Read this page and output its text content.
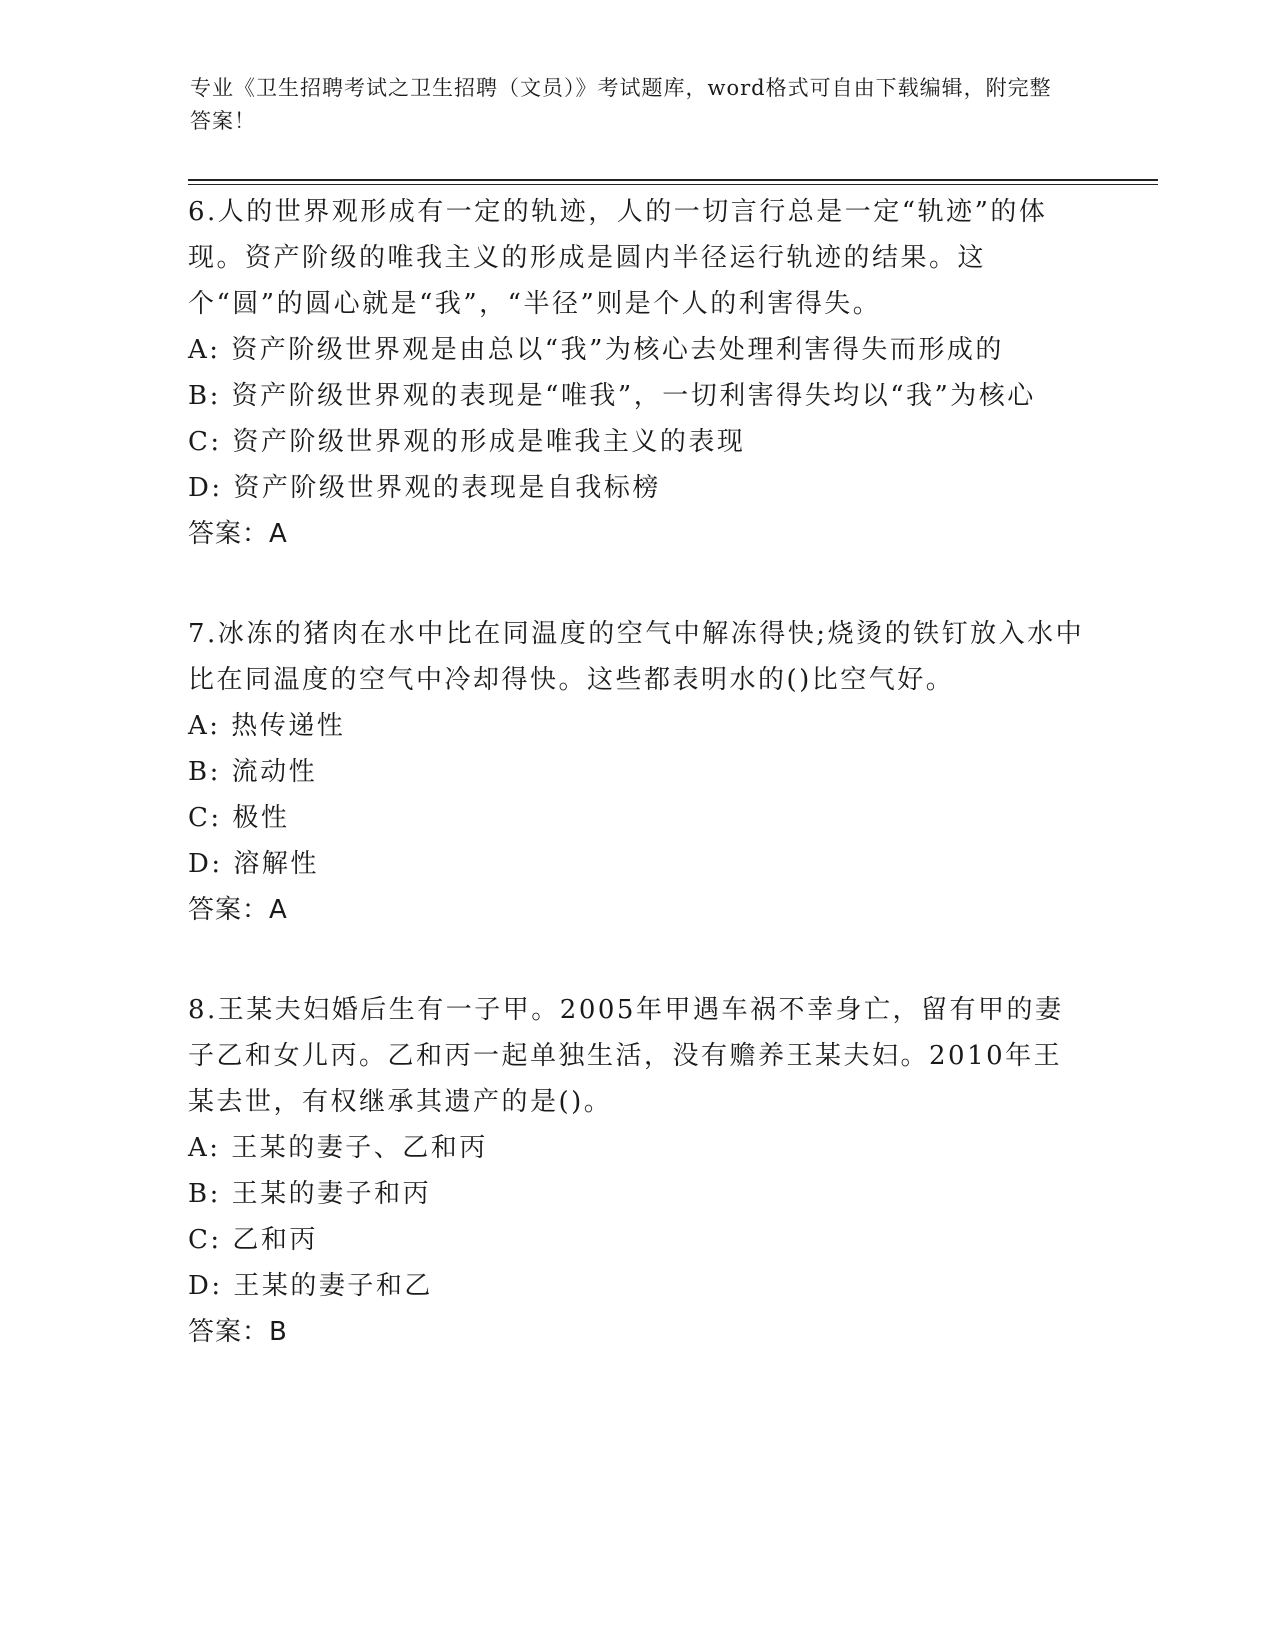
专业《卫生招聘考试之卫生招聘（文员）》考试题库，word格式可自由下载编辑，附完整答案！
6.人的世界观形成有一定的轨迹，人的一切言行总是一定“轨迹”的体现。资产阶级的唯我主义的形成是圆内半径运行轨迹的结果。这个“圆”的圆心就是“我”，“半径”则是个人的利害得失。
A: 资产阶级世界观是由总以“我”为核心去处理利害得失而形成的
B: 资产阶级世界观的表现是“唯我”，一切利害得失均以“我”为核心
C: 资产阶级世界观的形成是唯我主义的表现
D: 资产阶级世界观的表现是自我标榜
答案：A
7.冰冻的猪肉在水中比在同温度的空气中解冻得快;烧烫的铁钉放入水中比在同温度的空气中冷却得快。这些都表明水的()比空气好。
A: 热传递性
B: 流动性
C: 极性
D: 溶解性
答案：A
8.王某夫妇婚后生有一子甲。2005年甲遇车祸不幸身亡，留有甲的妻子乙和女儿丙。乙和丙一起单独生活，没有赡养王某夫妇。2010年王某去世，有权继承其遗产的是()。
A: 王某的妻子、乙和丙
B: 王某的妻子和丙
C: 乙和丙
D: 王某的妻子和乙
答案：B
